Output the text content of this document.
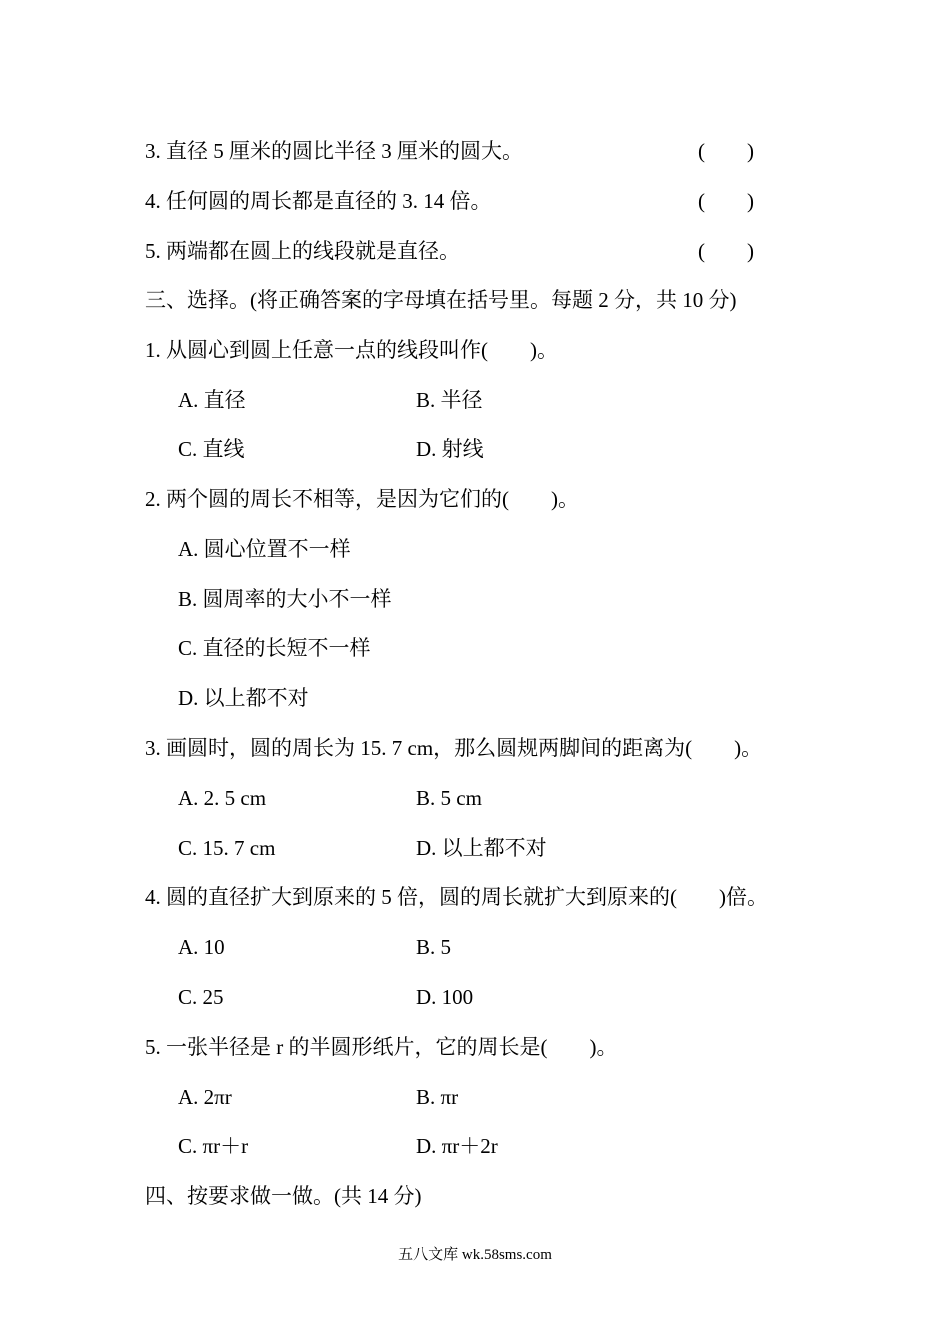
3. 直径 5 厘米的圆比半径 3 厘米的圆大。	(        )
4. 任何圆的周长都是直径的 3. 14 倍。	(        )
5. 两端都在圆上的线段就是直径。	(        )
三、选择。(将正确答案的字母填在括号里。每题 2 分，共 10 分)
1. 从圆心到圆上任意一点的线段叫作(        )。
A. 直径	B. 半径
C. 直线	D. 射线
2. 两个圆的周长不相等，是因为它们的(        )。
A. 圆心位置不一样
B. 圆周率的大小不一样
C. 直径的长短不一样
D. 以上都不对
3. 画圆时，圆的周长为 15. 7 cm，那么圆规两脚间的距离为(        )。
A. 2. 5 cm	B. 5 cm
C. 15. 7 cm	D. 以上都不对
4. 圆的直径扩大到原来的 5 倍，圆的周长就扩大到原来的(        )倍。
A. 10	B. 5
C. 25	D. 100
5. 一张半径是 r 的半圆形纸片，它的周长是(        )。
A. 2πr	B. πr
C. πr＋r	D. πr＋2r
四、按要求做一做。(共 14 分)
五八文库 wk.58sms.com
